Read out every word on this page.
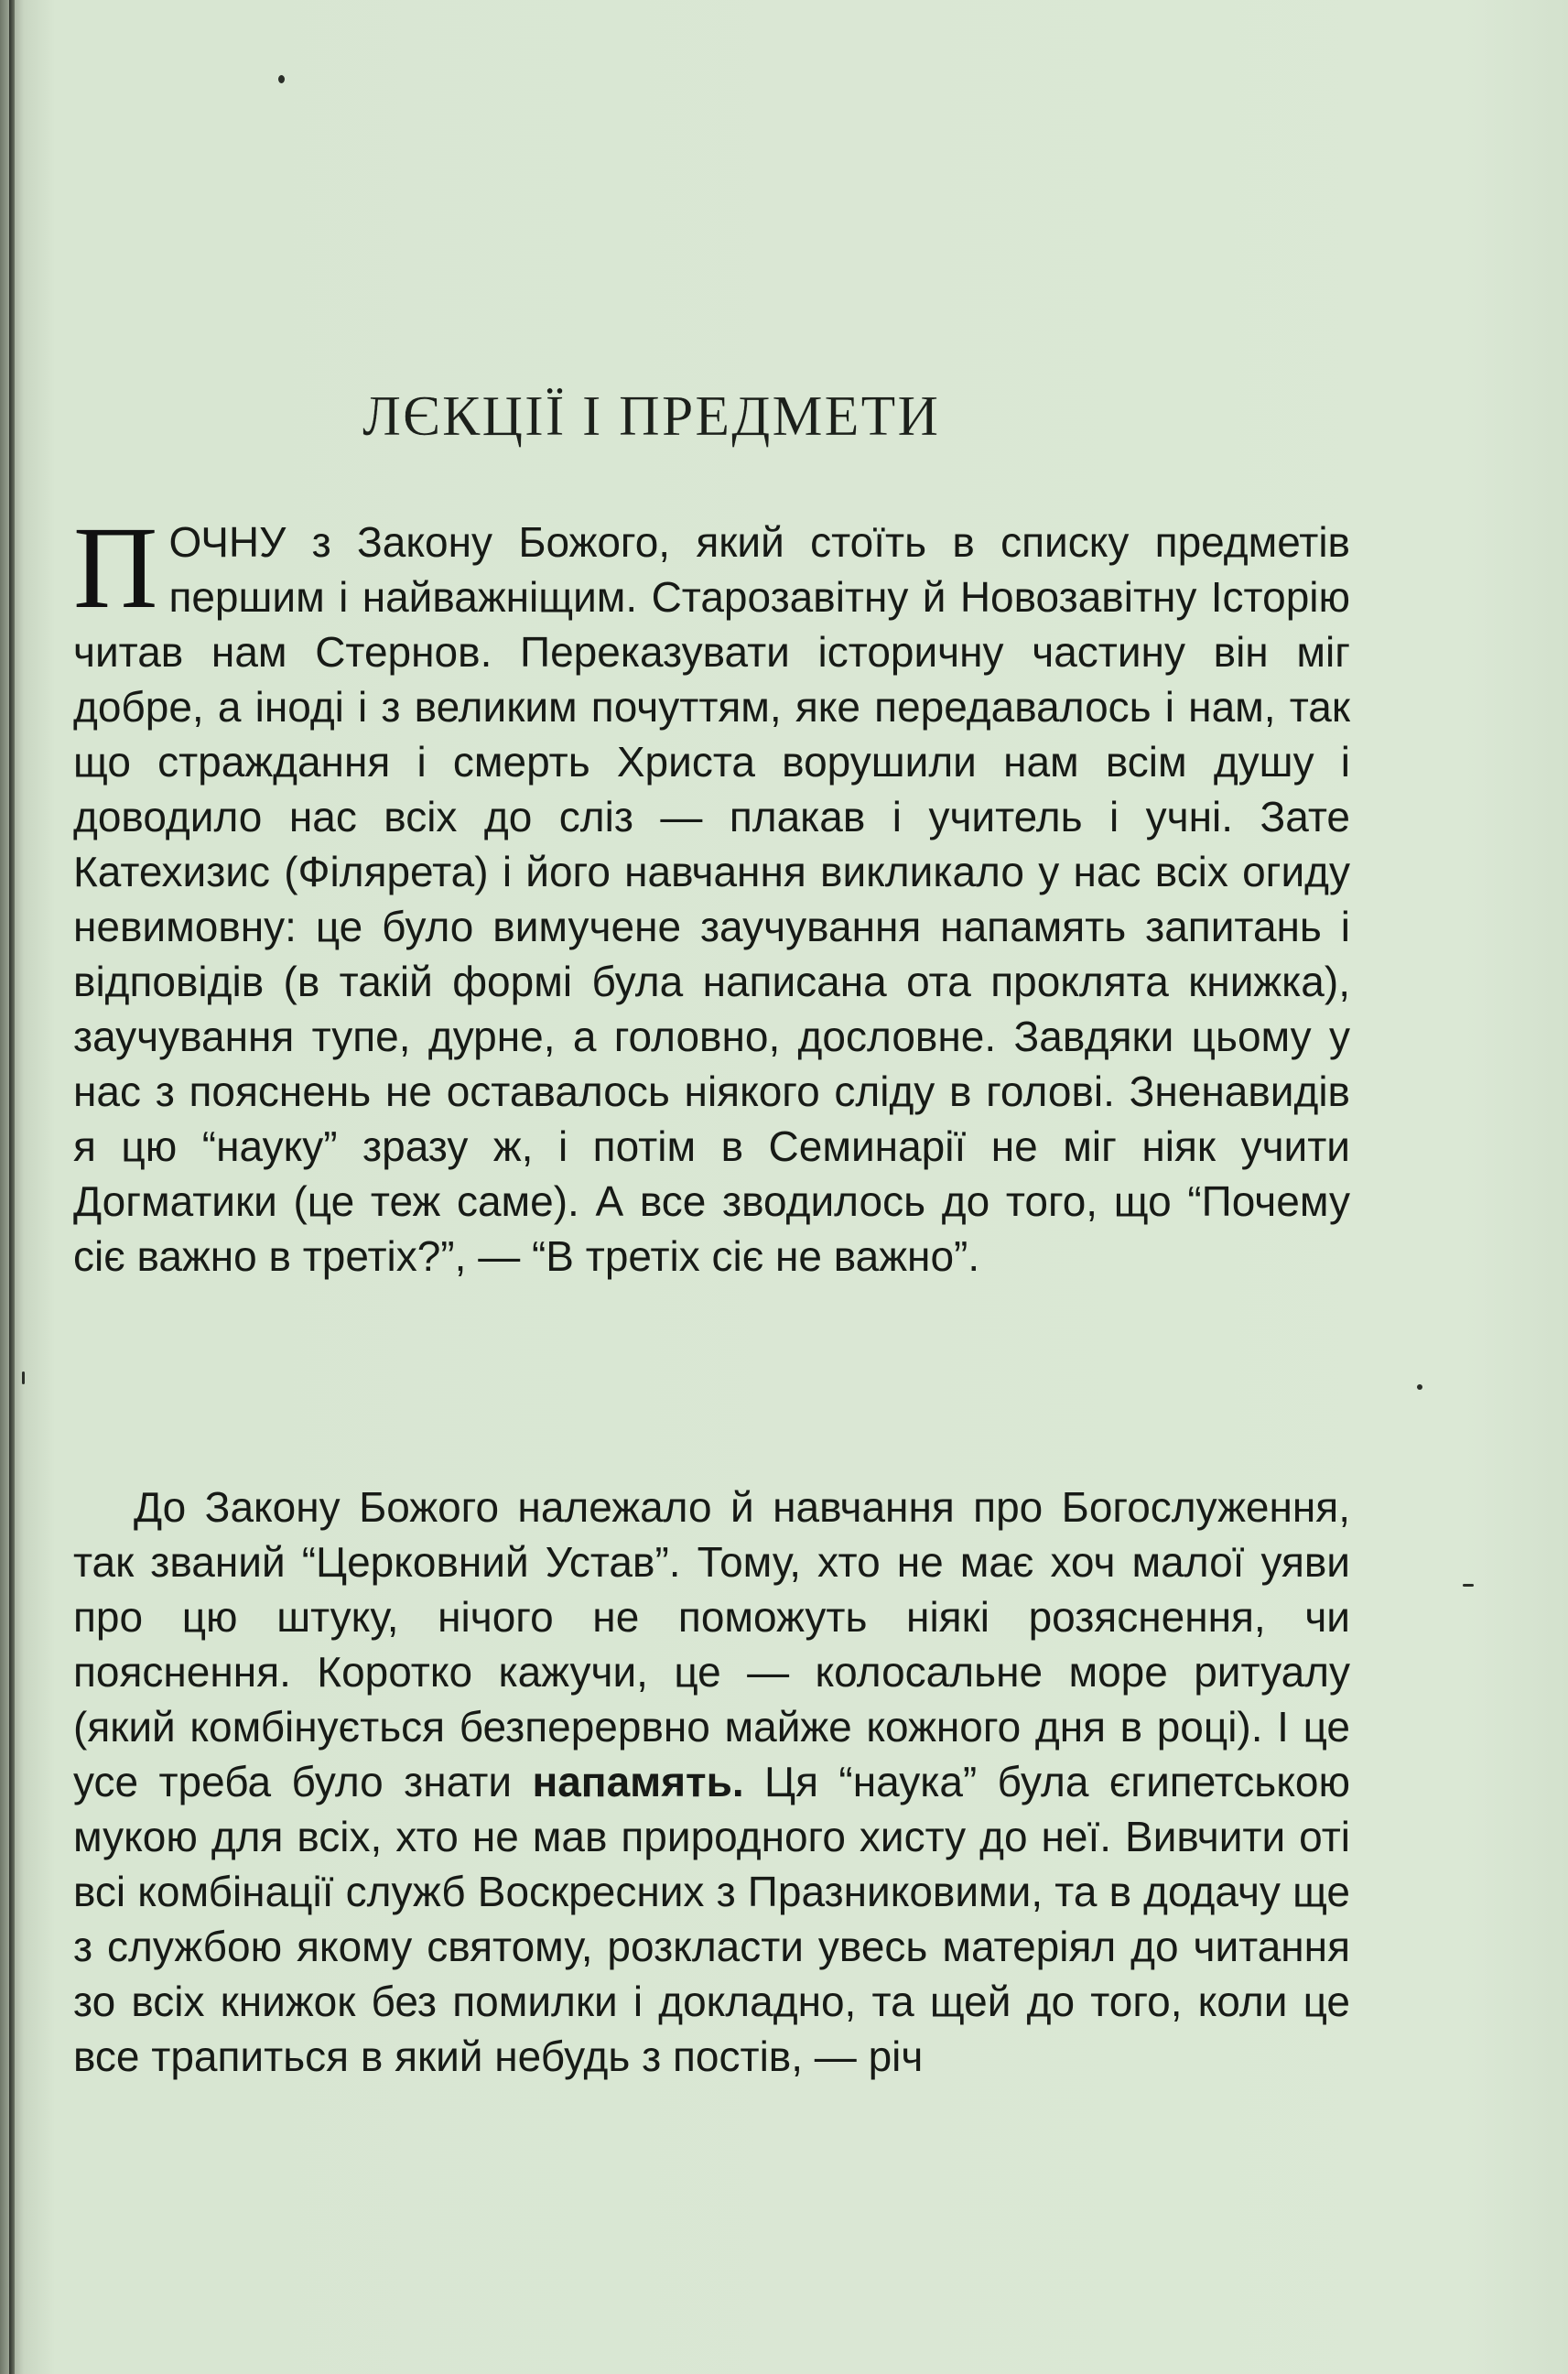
ЛЄКЦІЇ І ПРЕДМЕТИ

ПОЧНУ з Закону Божого, який стоїть в списку предметів першим і найважніщим. Старозавітну й Новозавітну Історію читав нам Стернов. Переказувати історичну частину він міг добре, а іноді і з великим почуттям, яке передавалось і нам, так що страждання і смерть Христа ворушили нам всім душу і доводило нас всіх до сліз — плакав і учитель і учні. Зате Катехизис (Філярета) і його навчання викликало у нас всіх огиду невимовну: це було вимучене заучування напамять запитань і відповідів (в такій формі була написана ота проклята книжка), заучування тупе, дурне, а головно, дословне. Завдяки цьому у нас з пояснень не оставалось ніякого сліду в голові. Зненавидів я цю “науку” зразу ж, і потім в Семинарії не міг ніяк учити Догматики (це теж саме). А все зводилось до того, що “Почему сіє важно в третіх?”, — “В третіх сіє не важно”.

До Закону Божого належало й навчання про Богослуження, так званий “Церковний Устав”. Тому, хто не має хоч малої уяви про цю штуку, нічого не поможуть ніякі розяснення, чи пояснення. Коротко кажучи, це — колосальне море ритуалу (який комбінується безперервно майже кожного дня в році). І це усе треба було знати напамять. Ця “наука” була єгипетською мукою для всіх, хто не мав природного хисту до неї. Вивчити оті всі комбінації служб Воскресних з Празниковими, та в додачу ще з службою якому святому, розкласти увесь матеріял до читання зо всіх книжок без помилки і докладно, та щей до того, коли це все трапиться в який небудь з постів, — річ
